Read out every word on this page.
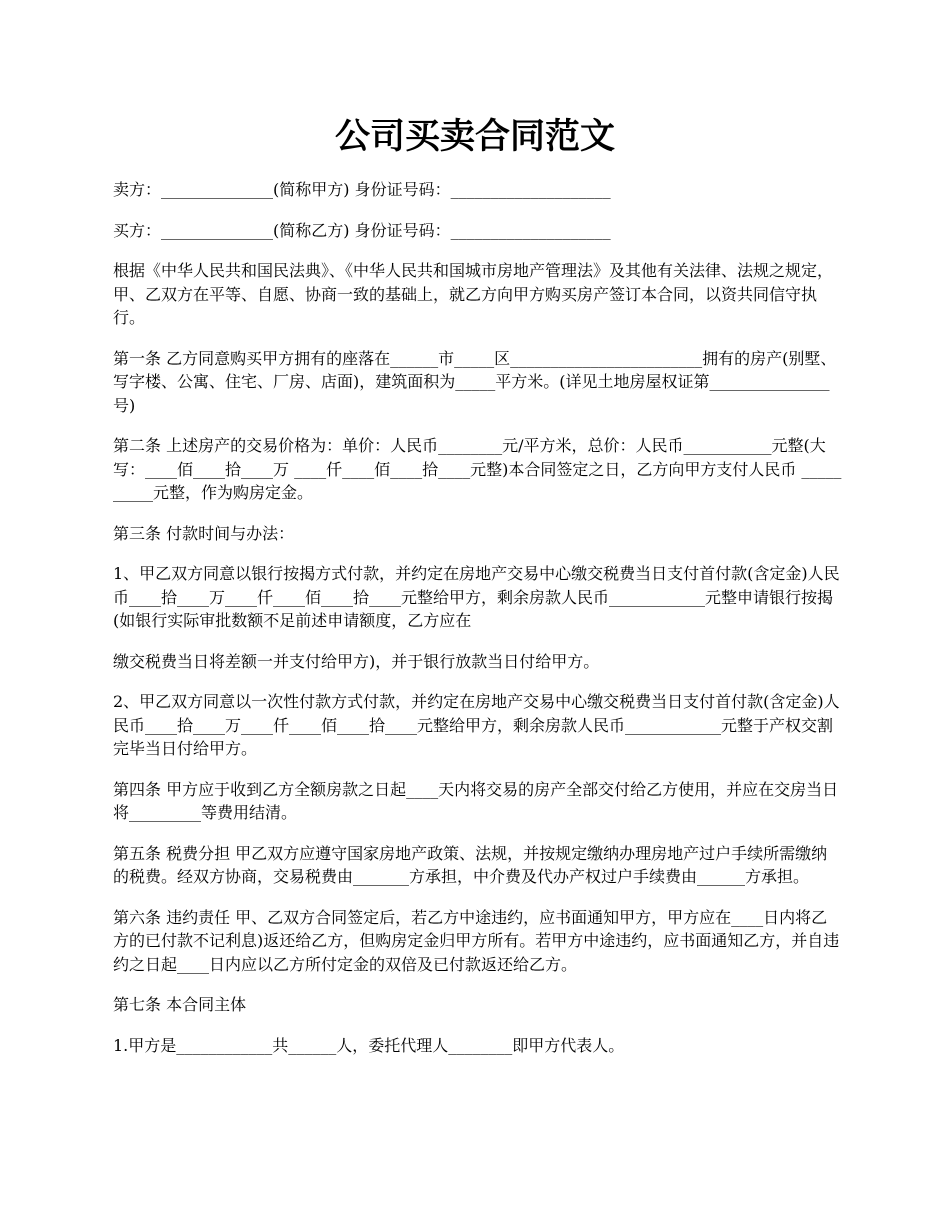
公司买卖合同范文

卖方：______________(简称甲方) 身份证号码：____________________

买方：______________(简称乙方) 身份证号码：____________________

根据《中华人民共和国民法典》、《中华人民共和国城市房地产管理法》及其他有关法律、法规之规定，甲、乙双方在平等、自愿、协商一致的基础上，就乙方向甲方购买房产签订本合同，以资共同信守执行。

第一条 乙方同意购买甲方拥有的座落在______市_____区________________________拥有的房产(别墅、写字楼、公寓、住宅、厂房、店面)，建筑面积为_____平方米。(详见土地房屋权证第_______________号)

第二条 上述房产的交易价格为：单价：人民币________元/平方米，总价：人民币___________元整(大写：____佰____拾____万 ____仟____佰____拾____元整)本合同签定之日，乙方向甲方支付人民币 __________元整，作为购房定金。

第三条 付款时间与办法：

1、甲乙双方同意以银行按揭方式付款，并约定在房地产交易中心缴交税费当日支付首付款(含定金)人民币____拾____万____仟____佰____拾____元整给甲方，剩余房款人民币____________元整申请银行按揭(如银行实际审批数额不足前述申请额度，乙方应在

缴交税费当日将差额一并支付给甲方)，并于银行放款当日付给甲方。

2、甲乙双方同意以一次性付款方式付款，并约定在房地产交易中心缴交税费当日支付首付款(含定金)人民币____拾____万____仟____佰____拾____元整给甲方，剩余房款人民币____________元整于产权交割完毕当日付给甲方。

第四条 甲方应于收到乙方全额房款之日起____天内将交易的房产全部交付给乙方使用，并应在交房当日将_________等费用结清。

第五条 税费分担 甲乙双方应遵守国家房地产政策、法规，并按规定缴纳办理房地产过户手续所需缴纳的税费。经双方协商，交易税费由_______方承担，中介费及代办产权过户手续费由______方承担。

第六条 违约责任 甲、乙双方合同签定后，若乙方中途违约，应书面通知甲方，甲方应在____日内将乙方的已付款不记利息)返还给乙方，但购房定金归甲方所有。若甲方中途违约，应书面通知乙方，并自违约之日起____日内应以乙方所付定金的双倍及已付款返还给乙方。

第七条 本合同主体

1.甲方是____________共______人，委托代理人________即甲方代表人。
